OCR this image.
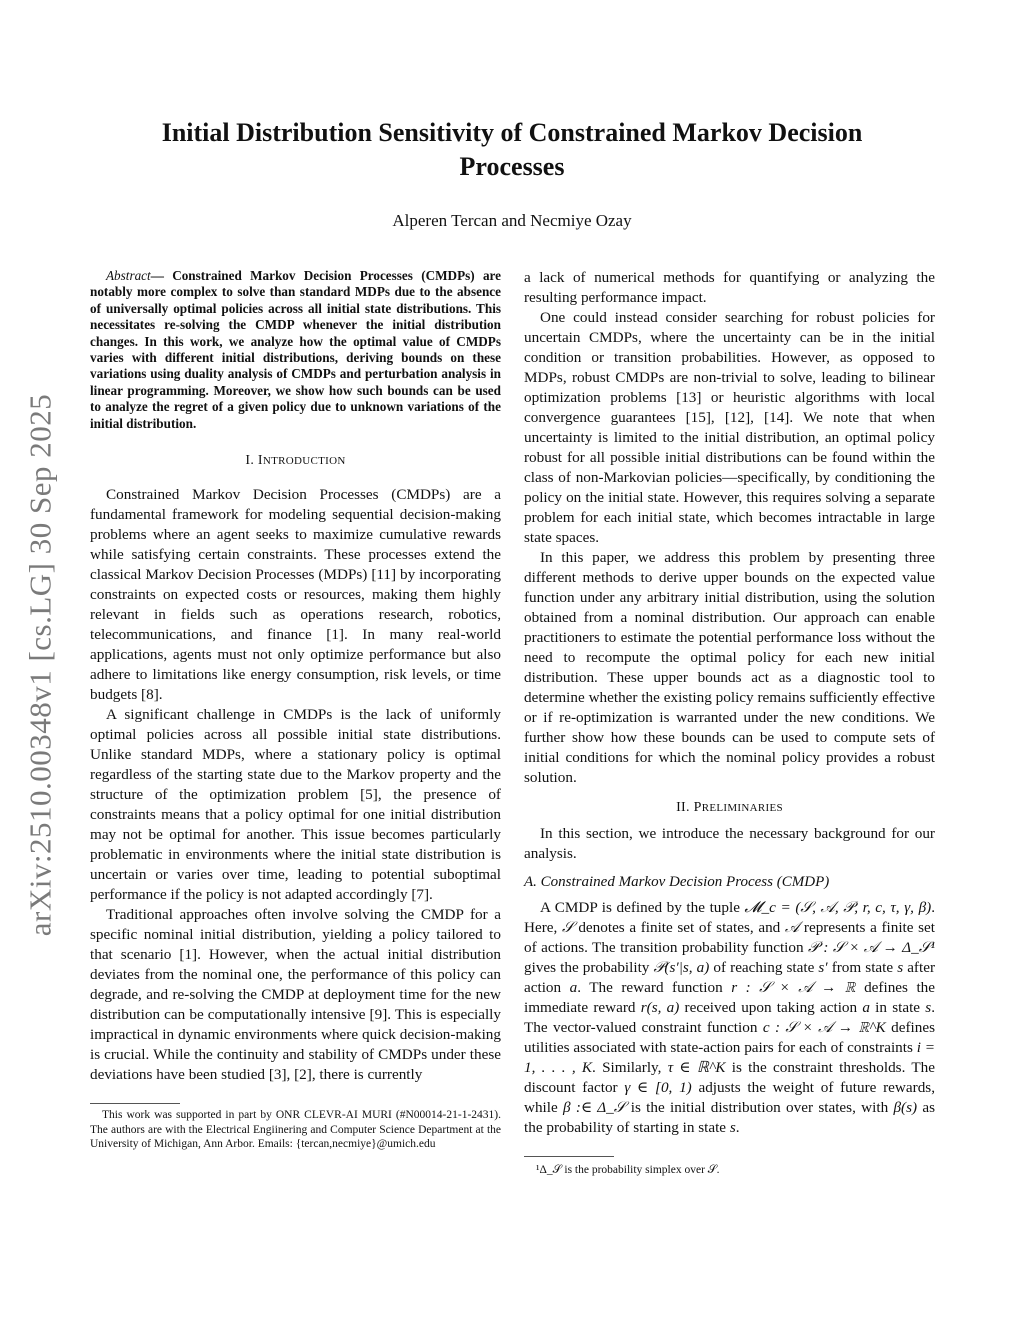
arXiv:2510.00348v1 [cs.LG] 30 Sep 2025
Initial Distribution Sensitivity of Constrained Markov Decision Processes
Alperen Tercan and Necmiye Ozay

Abstract— Constrained Markov Decision Processes (CMDPs) are notably more complex to solve than standard MDPs due to the absence of universally optimal policies across all initial state distributions. This necessitates re-solving the CMDP whenever the initial distribution changes. In this work, we analyze how the optimal value of CMDPs varies with different initial distributions, deriving bounds on these variations using duality analysis of CMDPs and perturbation analysis in linear programming. Moreover, we show how such bounds can be used to analyze the regret of a given policy due to unknown variations of the initial distribution.

I. INTRODUCTION

Constrained Markov Decision Processes (CMDPs) are a fundamental framework for modeling sequential decision-making problems where an agent seeks to maximize cumulative rewards while satisfying certain constraints. These processes extend the classical Markov Decision Processes (MDPs) [11] by incorporating constraints on expected costs or resources, making them highly relevant in fields such as operations research, robotics, telecommunications, and finance [1]. In many real-world applications, agents must not only optimize performance but also adhere to limitations like energy consumption, risk levels, or time budgets [8].

A significant challenge in CMDPs is the lack of uniformly optimal policies across all possible initial state distributions. Unlike standard MDPs, where a stationary policy is optimal regardless of the starting state due to the Markov property and the structure of the optimization problem [5], the presence of constraints means that a policy optimal for one initial distribution may not be optimal for another. This issue becomes particularly problematic in environments where the initial state distribution is uncertain or varies over time, leading to potential suboptimal performance if the policy is not adapted accordingly [7].

Traditional approaches often involve solving the CMDP for a specific nominal initial distribution, yielding a policy tailored to that scenario [1]. However, when the actual initial distribution deviates from the nominal one, the performance of this policy can degrade, and re-solving the CMDP at deployment time for the new distribution can be computationally intensive [9]. This is especially impractical in dynamic environments where quick decision-making is crucial. While the continuity and stability of CMDPs under these deviations have been studied [3], [2], there is currently

This work was supported in part by ONR CLEVR-AI MURI (#N00014-21-1-2431). The authors are with the Electrical Engiinering and Computer Science Department at the University of Michigan, Ann Arbor. Emails: {tercan,necmiye}@umich.edu

a lack of numerical methods for quantifying or analyzing the resulting performance impact.

One could instead consider searching for robust policies for uncertain CMDPs, where the uncertainty can be in the initial condition or transition probabilities. However, as opposed to MDPs, robust CMDPs are non-trivial to solve, leading to bilinear optimization problems [13] or heuristic algorithms with local convergence guarantees [15], [12], [14]. We note that when uncertainty is limited to the initial distribution, an optimal policy robust for all possible initial distributions can be found within the class of non-Markovian policies—specifically, by conditioning the policy on the initial state. However, this requires solving a separate problem for each initial state, which becomes intractable in large state spaces.

In this paper, we address this problem by presenting three different methods to derive upper bounds on the expected value function under any arbitrary initial distribution, using the solution obtained from a nominal distribution. Our approach can enable practitioners to estimate the potential performance loss without the need to recompute the optimal policy for each new initial distribution. These upper bounds act as a diagnostic tool to determine whether the existing policy remains sufficiently effective or if re-optimization is warranted under the new conditions. We further show how these bounds can be used to compute sets of initial conditions for which the nominal policy provides a robust solution.

II. PRELIMINARIES

In this section, we introduce the necessary background for our analysis.

A. Constrained Markov Decision Process (CMDP)

A CMDP is defined by the tuple 𝓜_c = (𝒮, 𝒜, 𝒫, r, c, τ, γ, β). Here, 𝒮 denotes a finite set of states, and 𝒜 represents a finite set of actions. The transition probability function 𝒫 : 𝒮 × 𝒜 → Δ_𝒮¹ gives the probability 𝒫(s′|s, a) of reaching state s′ from state s after action a. The reward function r : 𝒮 × 𝒜 → ℝ defines the immediate reward r(s, a) received upon taking action a in state s. The vector-valued constraint function c : 𝒮 × 𝒜 → ℝ^K defines utilities associated with state-action pairs for each of constraints i = 1, . . . , K. Similarly, τ ∈ ℝ^K is the constraint thresholds. The discount factor γ ∈ [0, 1) adjusts the weight of future rewards, while β :∈ Δ_𝒮 is the initial distribution over states, with β(s) as the probability of starting in state s.

¹Δ_𝒮 is the probability simplex over 𝒮.
